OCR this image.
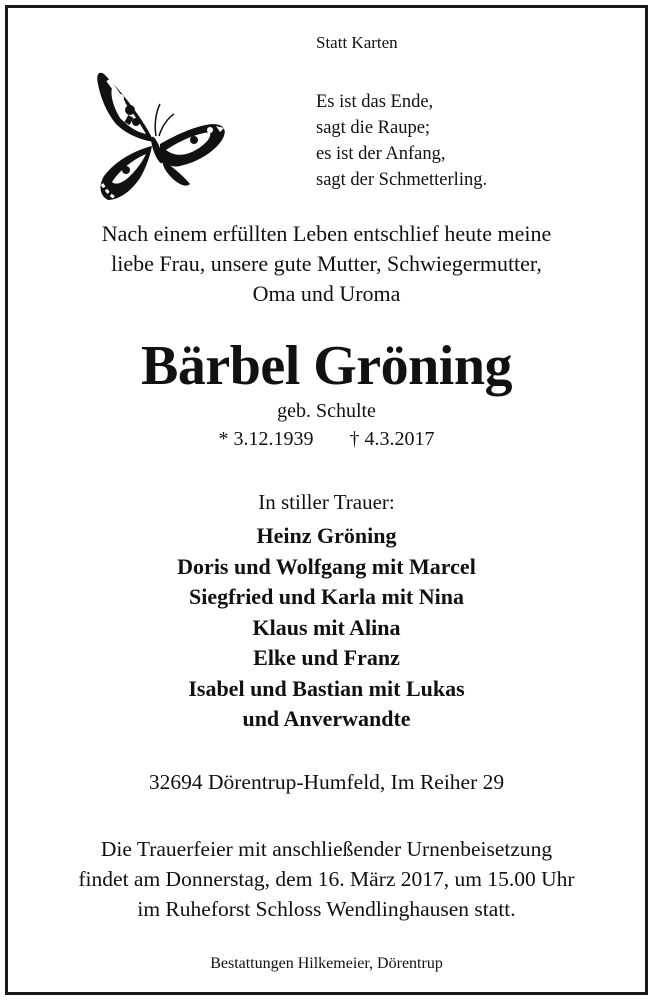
Statt Karten
Es ist das Ende,
sagt die Raupe;
es ist der Anfang,
sagt der Schmetterling.
Nach einem erfüllten Leben entschlief heute meine
liebe Frau, unsere gute Mutter, Schwiegermutter,
Oma und Uroma
Bärbel Gröning
geb. Schulte
* 3.12.1939 † 4.3.2017
In stiller Trauer:
Heinz Gröning
Doris und Wolfgang mit Marcel
Siegfried und Karla mit Nina
Klaus mit Alina
Elke und Franz
Isabel und Bastian mit Lukas
und Anverwandte
32694 Dörentrup-Humfeld, Im Reiher 29
Die Trauerfeier mit anschließender Urnenbeisetzung
findet am Donnerstag, dem 16. März 2017, um 15.00 Uhr
im Ruheforst Schloss Wendlinghausen statt.
Bestattungen Hilkemeier, Dörentrup
